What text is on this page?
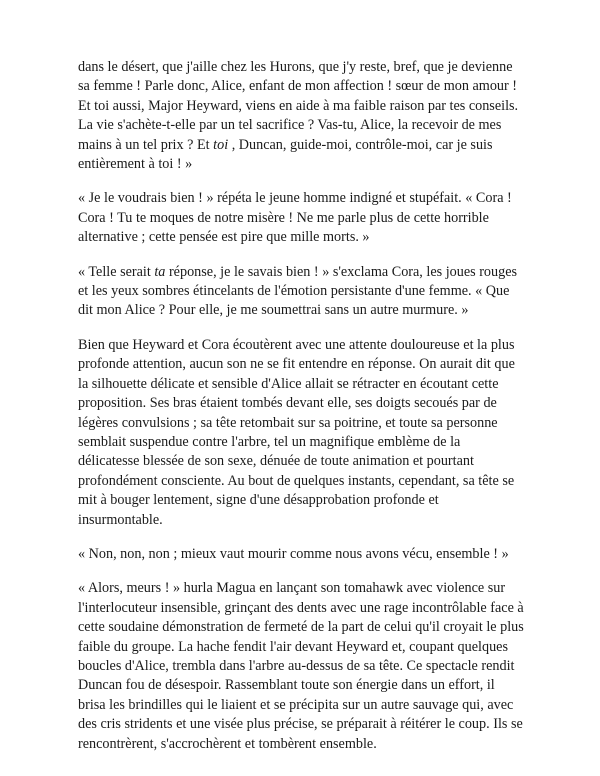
dans le désert, que j'aille chez les Hurons, que j'y reste, bref, que je devienne sa femme ! Parle donc, Alice, enfant de mon affection ! sœur de mon amour ! Et toi aussi, Major Heyward, viens en aide à ma faible raison par tes conseils. La vie s'achète-t-elle par un tel sacrifice ? Vas-tu, Alice, la recevoir de mes mains à un tel prix ? Et toi , Duncan, guide-moi, contrôle-moi, car je suis entièrement à toi ! »

« Je le voudrais bien ! » répéta le jeune homme indigné et stupéfait. « Cora ! Cora ! Tu te moques de notre misère ! Ne me parle plus de cette horrible alternative ; cette pensée est pire que mille morts. »

« Telle serait ta réponse, je le savais bien ! » s'exclama Cora, les joues rouges et les yeux sombres étincelants de l'émotion persistante d'une femme. « Que dit mon Alice ? Pour elle, je me soumettrai sans un autre murmure. »

Bien que Heyward et Cora écoutèrent avec une attente douloureuse et la plus profonde attention, aucun son ne se fit entendre en réponse. On aurait dit que la silhouette délicate et sensible d'Alice allait se rétracter en écoutant cette proposition. Ses bras étaient tombés devant elle, ses doigts secoués par de légères convulsions ; sa tête retombait sur sa poitrine, et toute sa personne semblait suspendue contre l'arbre, tel un magnifique emblème de la délicatesse blessée de son sexe, dénuée de toute animation et pourtant profondément consciente. Au bout de quelques instants, cependant, sa tête se mit à bouger lentement, signe d'une désapprobation profonde et insurmontable.

« Non, non, non ; mieux vaut mourir comme nous avons vécu, ensemble ! »

« Alors, meurs ! » hurla Magua en lançant son tomahawk avec violence sur l'interlocuteur insensible, grinçant des dents avec une rage incontrôlable face à cette soudaine démonstration de fermeté de la part de celui qu'il croyait le plus faible du groupe. La hache fendit l'air devant Heyward et, coupant quelques boucles d'Alice, trembla dans l'arbre au-dessus de sa tête. Ce spectacle rendit Duncan fou de désespoir. Rassemblant toute son énergie dans un effort, il brisa les brindilles qui le liaient et se précipita sur un autre sauvage qui, avec des cris stridents et une visée plus précise, se préparait à réitérer le coup. Ils se rencontrèrent, s'accrochèrent et tombèrent ensemble.
